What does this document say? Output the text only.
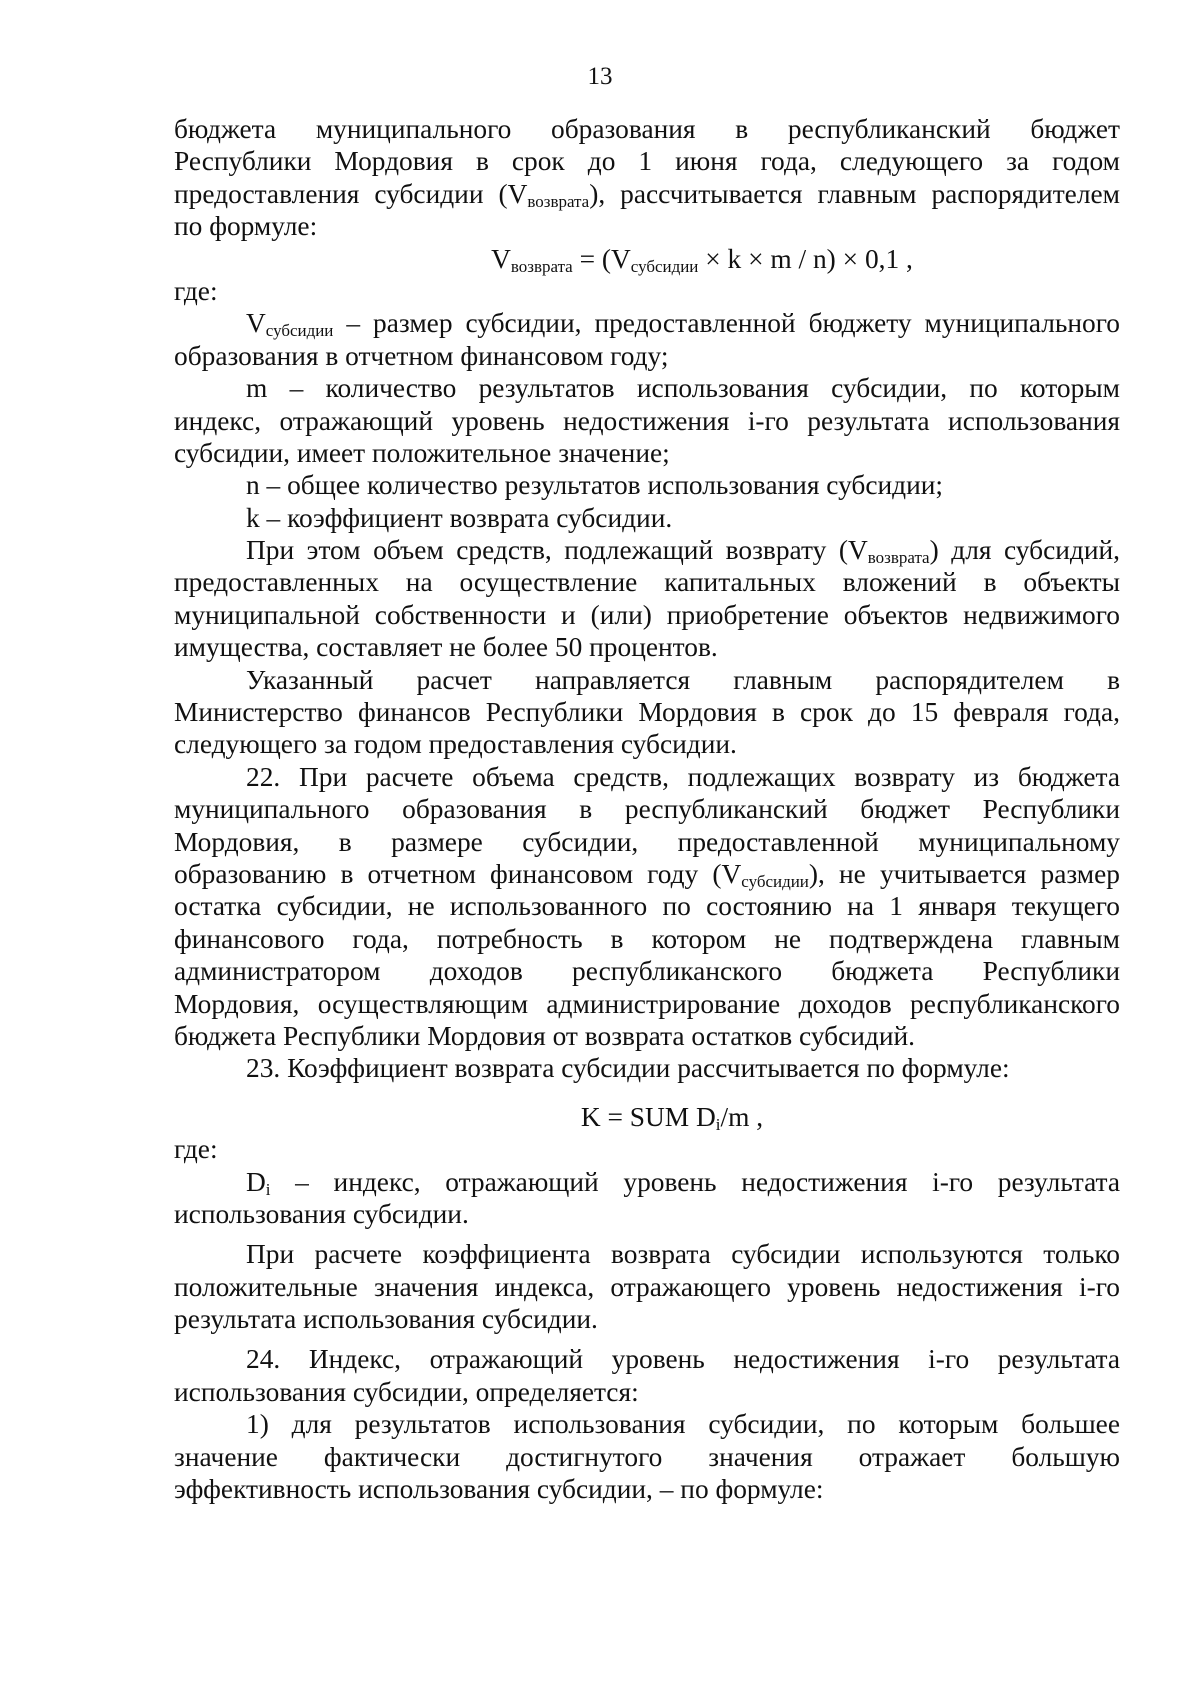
13
бюджета муниципального образования в республиканский бюджет
Республики Мордовия в срок до 1 июня года, следующего за годом
предоставления субсидии $(V_{возврата})$, рассчитывается главным распорядителем
по формуле:
$V_{возврата} = (V_{субсидии} \times k \times m / n) \times 0,1$ ,
где:
$V_{субсидии}$ – размер субсидии, предоставленной бюджету муниципального
образования в отчетном финансовом году;
m – количество результатов использования субсидии, по которым
индекс, отражающий уровень недостижения i-го результата использования
субсидии, имеет положительное значение;
n – общее количество результатов использования субсидии;
k – коэффициент возврата субсидии.
При этом объем средств, подлежащий возврату $(V_{возврата})$ для субсидий,
предоставленных на осуществление капитальных вложений в объекты
муниципальной собственности и (или) приобретение объектов недвижимого
имущества, составляет не более 50 процентов.
Указанный расчет направляется главным распорядителем в
Министерство финансов Республики Мордовия в срок до 15 февраля года,
следующего за годом предоставления субсидии.
22. При расчете объема средств, подлежащих возврату из бюджета
муниципального образования в республиканский бюджет Республики
Мордовия, в размере субсидии, предоставленной муниципальному
образованию в отчетном финансовом году $(V_{субсидии})$, не учитывается размер
остатка субсидии, не использованного по состоянию на 1 января текущего
финансового года, потребность в котором не подтверждена главным
администратором доходов республиканского бюджета Республики
Мордовия, осуществляющим администрирование доходов республиканского
бюджета Республики Мордовия от возврата остатков субсидий.
23. Коэффициент возврата субсидии рассчитывается по формуле:
K = SUM $D_i/m$ ,
где:
$D_i$ – индекс, отражающий уровень недостижения i-го результата
использования субсидии.
При расчете коэффициента возврата субсидии используются только
положительные значения индекса, отражающего уровень недостижения i-го
результата использования субсидии.
24. Индекс, отражающий уровень недостижения i-го результата
использования субсидии, определяется:
1) для результатов использования субсидии, по которым большее
значение фактически достигнутого значения отражает большую
эффективность использования субсидии, – по формуле:
